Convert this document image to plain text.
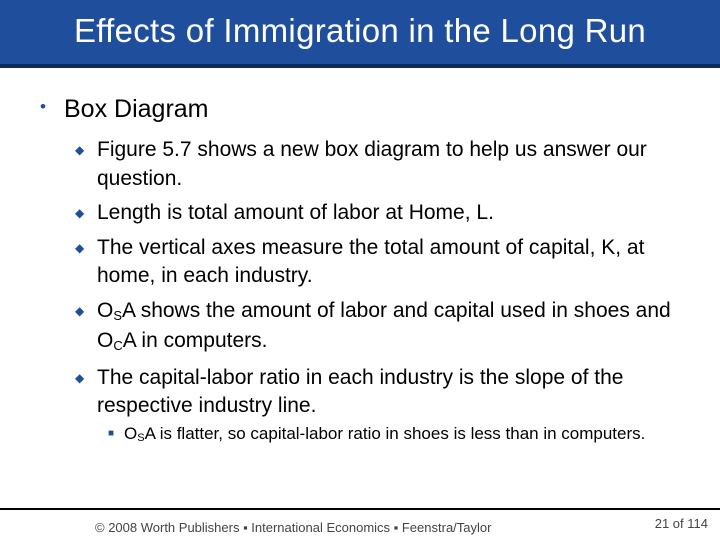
Effects of Immigration in the Long Run
• Box Diagram
◆ Figure 5.7 shows a new box diagram to help us answer our question.
◆ Length is total amount of labor at Home, L.
◆ The vertical axes measure the total amount of capital, K, at home, in each industry.
◆ $O_SA$ shows the amount of labor and capital used in shoes and $O_CA$ in computers.
◆ The capital-labor ratio in each industry is the slope of the respective industry line.
■ $O_SA$ is flatter, so capital-labor ratio in shoes is less than in computers.
© 2008 Worth Publishers ▪ International Economics ▪ Feenstra/Taylor	21 of 114
